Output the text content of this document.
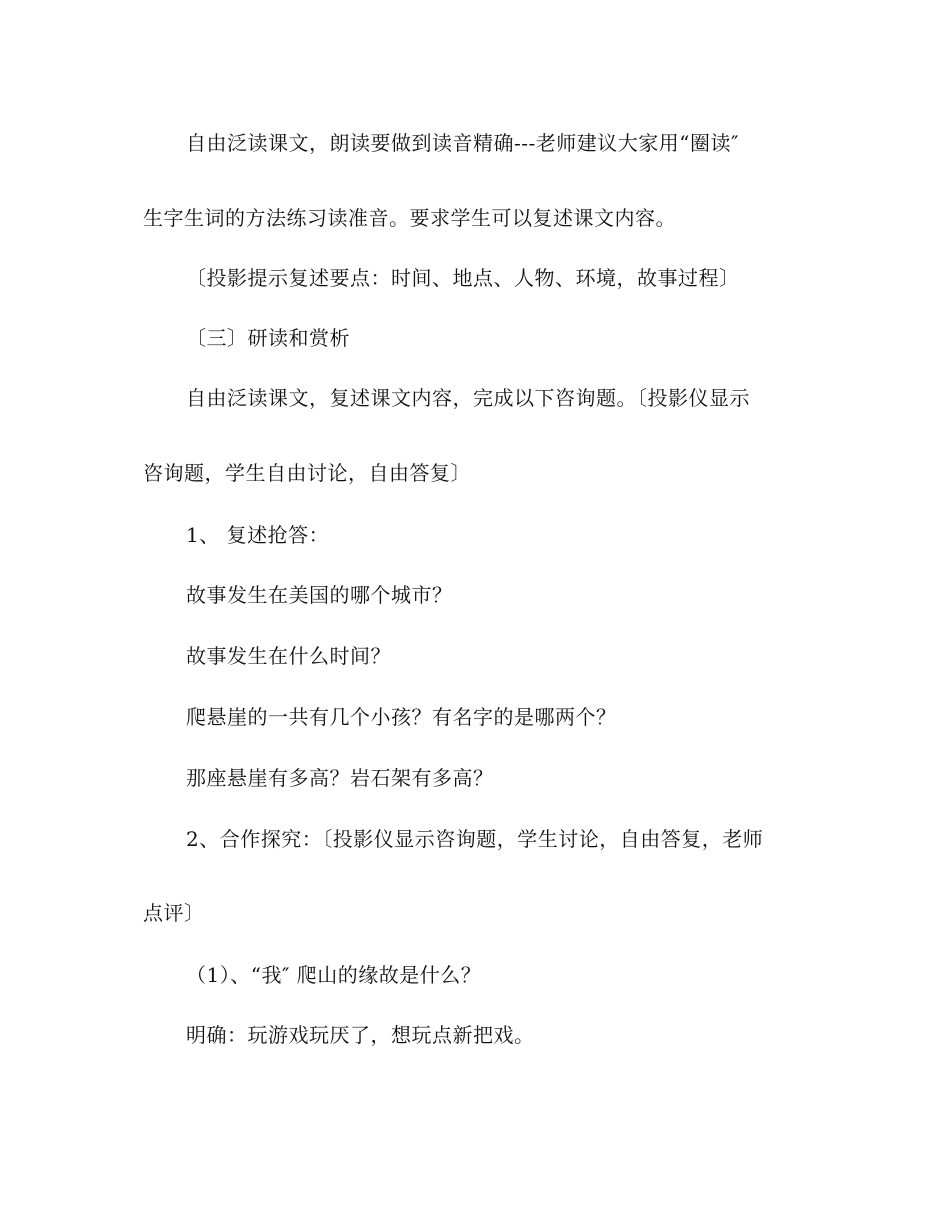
自由泛读课文，朗读要做到读音精确---老师建议大家用“圈读″
生字生词的方法练习读准音。要求学生可以复述课文内容。
〔投影提示复述要点：时间、地点、人物、环境，故事过程〕
〔三〕研读和赏析
自由泛读课文，复述课文内容，完成以下咨询题。〔投影仪显示
咨询题，学生自由讨论，自由答复〕
1、 复述抢答：
故事发生在美国的哪个城市？
故事发生在什么时间？
爬悬崖的一共有几个小孩？有名字的是哪两个？
那座悬崖有多高？岩石架有多高？
2、合作探究：〔投影仪显示咨询题，学生讨论，自由答复，老师
点评〕
（1）、“我″ 爬山的缘故是什么？
明确：玩游戏玩厌了，想玩点新把戏。
